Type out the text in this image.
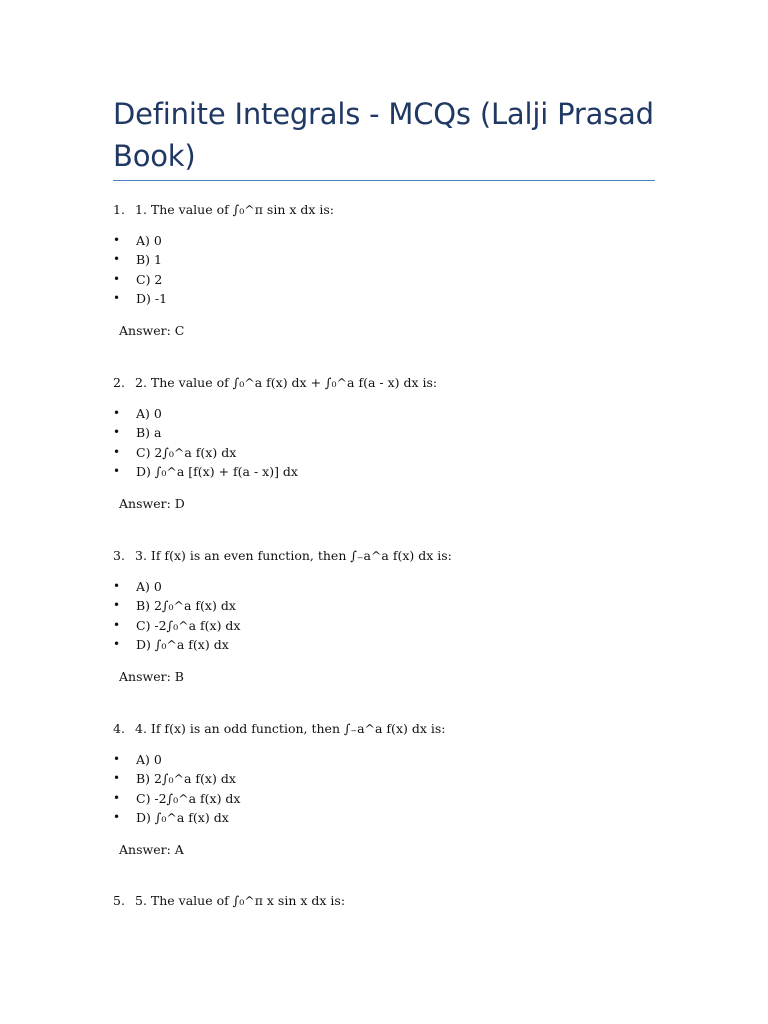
Definite Integrals - MCQs (Lalji Prasad Book)
1. 1. The value of ∫₀^π sin x dx is:
• A) 0
• B) 1
• C) 2
• D) -1
Answer: C
2. 2. The value of ∫₀^a f(x) dx + ∫₀^a f(a - x) dx is:
• A) 0
• B) a
• C) 2∫₀^a f(x) dx
• D) ∫₀^a [f(x) + f(a - x)] dx
Answer: D
3. 3. If f(x) is an even function, then ∫₋a^a f(x) dx is:
• A) 0
• B) 2∫₀^a f(x) dx
• C) -2∫₀^a f(x) dx
• D) ∫₀^a f(x) dx
Answer: B
4. 4. If f(x) is an odd function, then ∫₋a^a f(x) dx is:
• A) 0
• B) 2∫₀^a f(x) dx
• C) -2∫₀^a f(x) dx
• D) ∫₀^a f(x) dx
Answer: A
5. 5. The value of ∫₀^π x sin x dx is:
